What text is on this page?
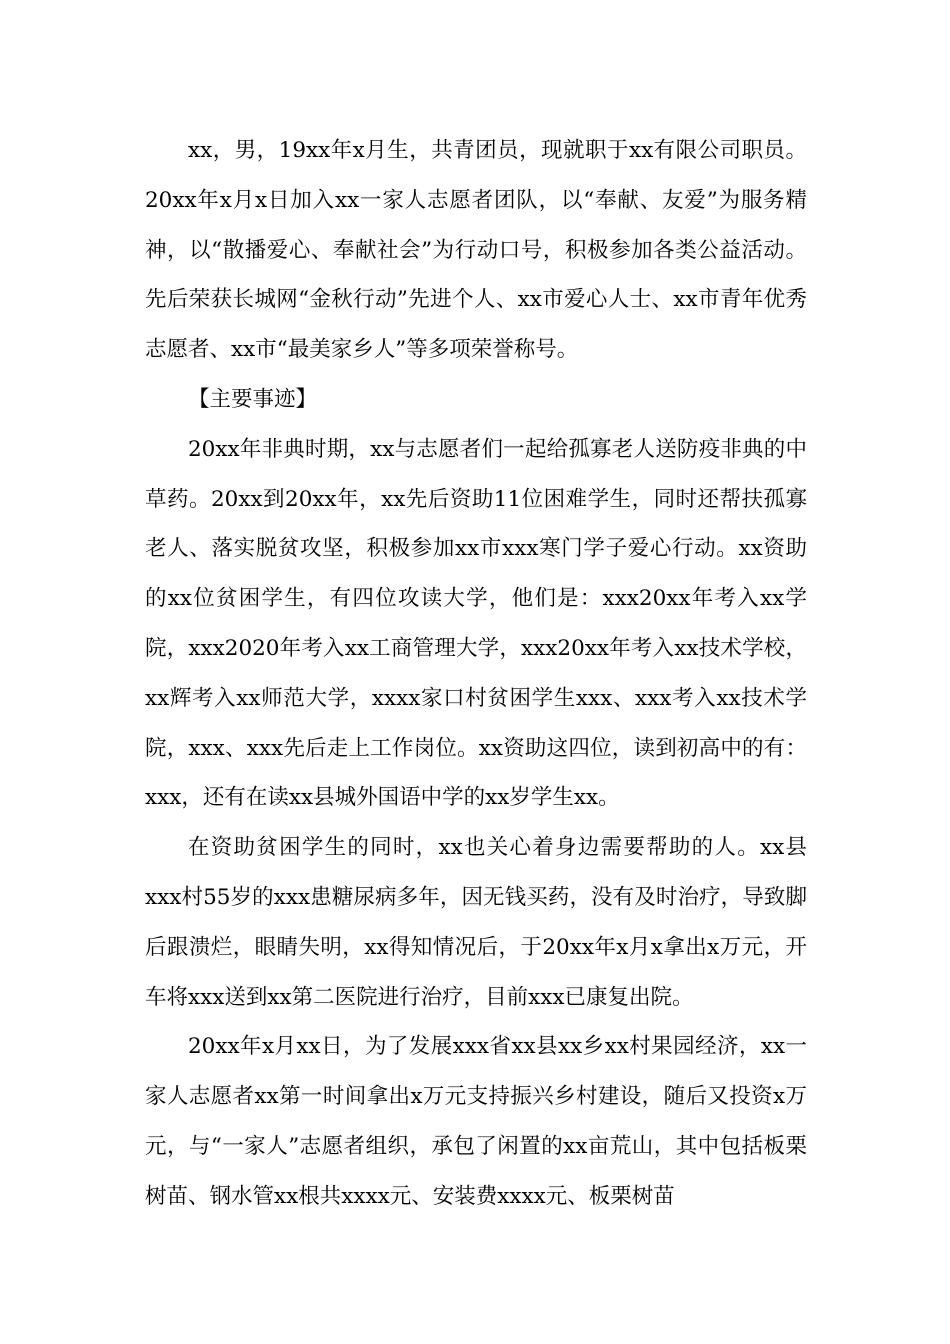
xx，男，19xx年x月生，共青团员，现就职于xx有限公司职员。20xx年x月x日加入xx一家人志愿者团队，以“奉献、友爱”为服务精神，以“散播爱心、奉献社会”为行动口号，积极参加各类公益活动。先后荣获长城网“金秋行动”先进个人、xx市爱心人士、xx市青年优秀志愿者、xx市“最美家乡人”等多项荣誉称号。

【主要事迹】

20xx年非典时期，xx与志愿者们一起给孤寡老人送防疫非典的中草药。20xx到20xx年，xx先后资助11位困难学生，同时还帮扶孤寡老人、落实脱贫攻坚，积极参加xx市xxx寒门学子爱心行动。xx资助的xx位贫困学生，有四位攻读大学，他们是：xxx20xx年考入xx学院，xxx2020年考入xx工商管理大学，xxx20xx年考入xx技术学校，xx辉考入xx师范大学，xxxx家口村贫困学生xxx、xxx考入xx技术学院，xxx、xxx先后走上工作岗位。xx资助这四位，读到初高中的有：xxx，还有在读xx县城外国语中学的xx岁学生xx。

在资助贫困学生的同时，xx也关心着身边需要帮助的人。xx县xxx村55岁的xxx患糖尿病多年，因无钱买药，没有及时治疗，导致脚后跟溃烂，眼睛失明，xx得知情况后，于20xx年x月x拿出x万元，开车将xxx送到xx第二医院进行治疗，目前xxx已康复出院。

20xx年x月xx日，为了发展xxx省xx县xx乡xx村果园经济，xx一家人志愿者xx第一时间拿出x万元支持振兴乡村建设，随后又投资x万元，与“一家人”志愿者组织，承包了闲置的xx亩荒山，其中包括板栗树苗、钢水管xx根共xxxx元、安装费xxxx元、板栗树苗
